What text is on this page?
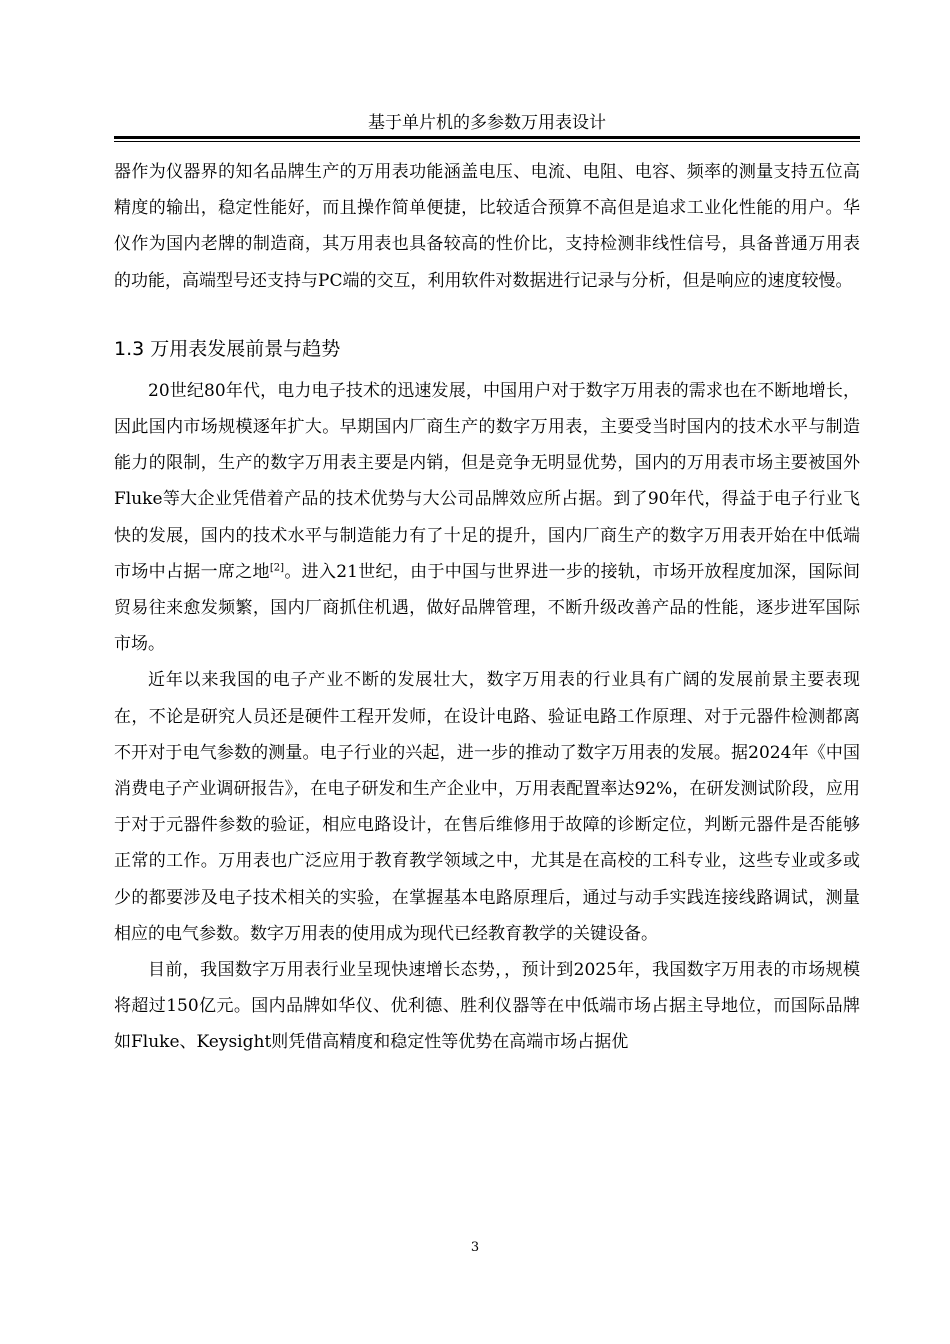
基于单片机的多参数万用表设计

器作为仪器界的知名品牌生产的万用表功能涵盖电压、电流、电阻、电容、频率的测量支持五位高精度的输出，稳定性能好，而且操作简单便捷，比较适合预算不高但是追求工业化性能的用户。华仪作为国内老牌的制造商，其万用表也具备较高的性价比，支持检测非线性信号，具备普通万用表的功能，高端型号还支持与PC端的交互，利用软件对数据进行记录与分析，但是响应的速度较慢。

1.3 万用表发展前景与趋势

20世纪80年代，电力电子技术的迅速发展，中国用户对于数字万用表的需求也在不断地增长，因此国内市场规模逐年扩大。早期国内厂商生产的数字万用表，主要受当时国内的技术水平与制造能力的限制，生产的数字万用表主要是内销，但是竞争无明显优势，国内的万用表市场主要被国外Fluke等大企业凭借着产品的技术优势与大公司品牌效应所占据。到了90年代，得益于电子行业飞快的发展，国内的技术水平与制造能力有了十足的提升，国内厂商生产的数字万用表开始在中低端市场中占据一席之地[2]。进入21世纪，由于中国与世界进一步的接轨，市场开放程度加深，国际间贸易往来愈发频繁，国内厂商抓住机遇，做好品牌管理，不断升级改善产品的性能，逐步进军国际市场。

近年以来我国的电子产业不断的发展壮大，数字万用表的行业具有广阔的发展前景主要表现在，不论是研究人员还是硬件工程开发师，在设计电路、验证电路工作原理、对于元器件检测都离不开对于电气参数的测量。电子行业的兴起，进一步的推动了数字万用表的发展。据2024年《中国消费电子产业调研报告》，在电子研发和生产企业中，万用表配置率达92%，在研发测试阶段，应用于对于元器件参数的验证，相应电路设计，在售后维修用于故障的诊断定位，判断元器件是否能够正常的工作。万用表也广泛应用于教育教学领域之中，尤其是在高校的工科专业，这些专业或多或少的都要涉及电子技术相关的实验，在掌握基本电路原理后，通过与动手实践连接线路调试，测量相应的电气参数。数字万用表的使用成为现代已经教育教学的关键设备。

目前，我国数字万用表行业呈现快速增长态势，，预计到2025年，我国数字万用表的市场规模将超过150亿元。国内品牌如华仪、优利德、胜利仪器等在中低端市场占据主导地位，而国际品牌如Fluke、Keysight则凭借高精度和稳定性等优势在高端市场占据优

3
